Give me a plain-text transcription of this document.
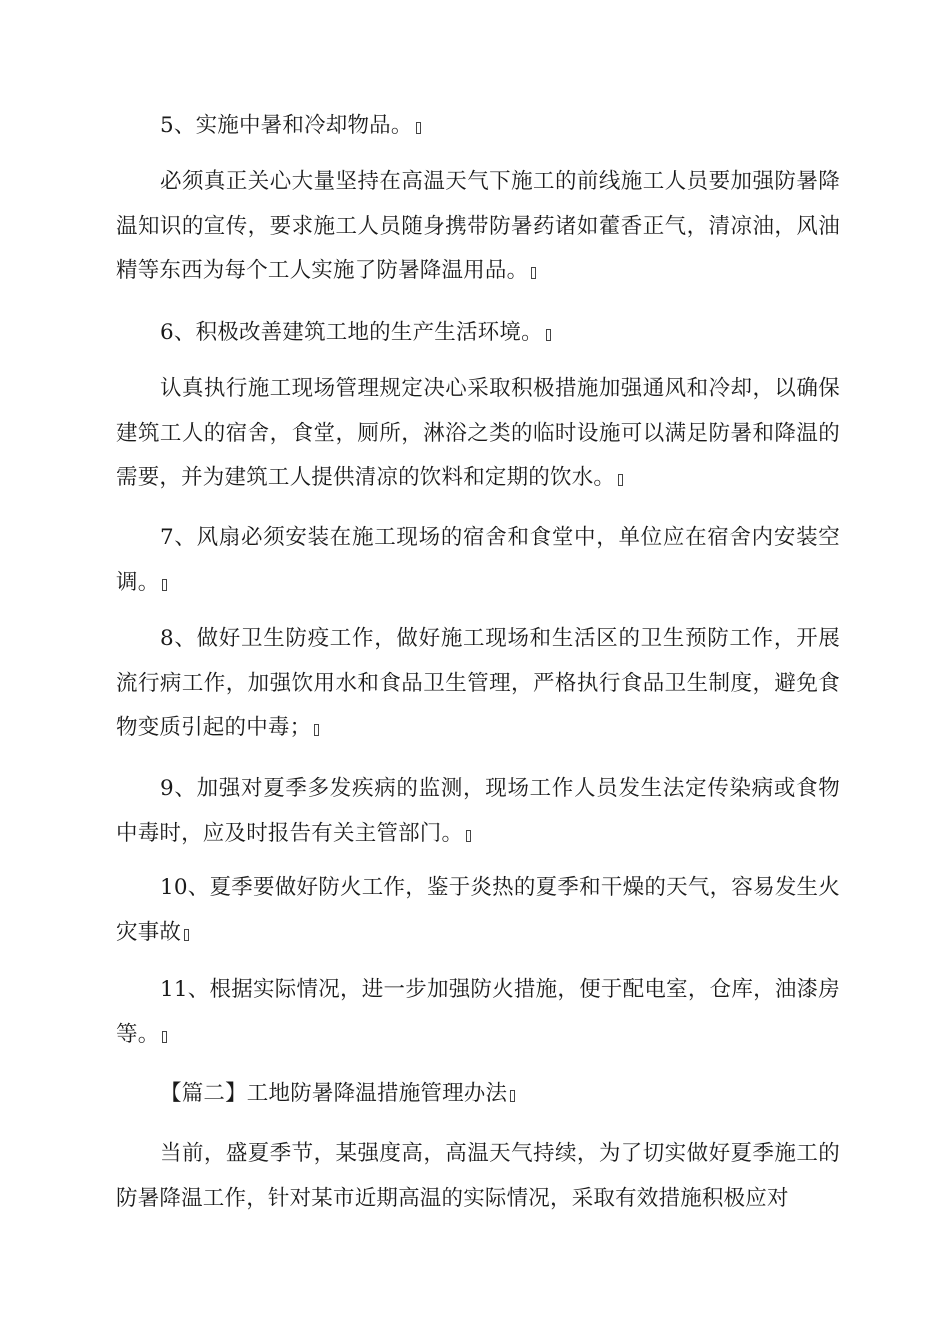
5、实施中暑和冷却物品。

必须真正关心大量坚持在高温天气下施工的前线施工人员要加强防暑降温知识的宣传，要求施工人员随身携带防暑药诸如藿香正气，清凉油，风油精等东西为每个工人实施了防暑降温用品。

6、积极改善建筑工地的生产生活环境。

认真执行施工现场管理规定决心采取积极措施加强通风和冷却，以确保建筑工人的宿舍，食堂，厕所，淋浴之类的临时设施可以满足防暑和降温的需要，并为建筑工人提供清凉的饮料和定期的饮水。

7、风扇必须安装在施工现场的宿舍和食堂中，单位应在宿舍内安装空调。

8、做好卫生防疫工作，做好施工现场和生活区的卫生预防工作，开展流行病工作，加强饮用水和食品卫生管理，严格执行食品卫生制度，避免食物变质引起的中毒；

9、加强对夏季多发疾病的监测，现场工作人员发生法定传染病或食物中毒时，应及时报告有关主管部门。

10、夏季要做好防火工作，鉴于炎热的夏季和干燥的天气，容易发生火灾事故

11、根据实际情况，进一步加强防火措施，便于配电室，仓库，油漆房等。

【篇二】工地防暑降温措施管理办法

当前，盛夏季节，某强度高，高温天气持续，为了切实做好夏季施工的防暑降温工作，针对某市近期高温的实际情况，采取有效措施积极应对
